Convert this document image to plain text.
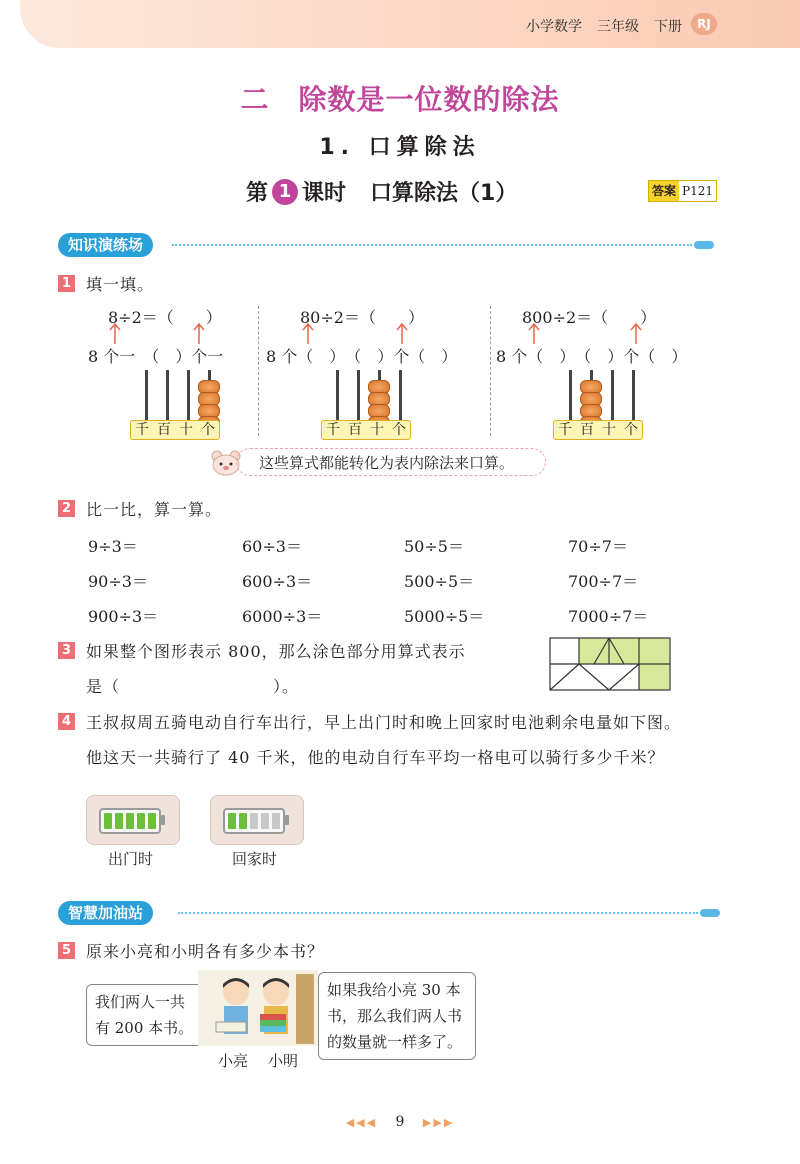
小学数学 三年级 下册	RJ
二　除数是一位数的除法
1. 口算除法
第 1 课时 口算除法（1）	答案 P121
知识演练场
1 填一填。
8÷2＝（　　）
8 个一　（　）个一
千 百 十 个
80÷2＝（　　）
8 个（　）　（　）个（　）
千 百 十 个
800÷2＝（　　）
8 个（　）　（　）个（　）
千 百 十 个
这些算式都能转化为表内除法来口算。
2 比一比，算一算。
9÷3＝	60÷3＝	50÷5＝	70÷7＝
90÷3＝	600÷3＝	500÷5＝	700÷7＝
900÷3＝	6000÷3＝	5000÷5＝	7000÷7＝
3 如果整个图形表示 800，那么涂色部分用算式表示
是（　　　　　　　　　）。
4 王叔叔周五骑电动自行车出行，早上出门时和晚上回家时电池剩余电量如下图。
他这天一共骑行了 40 千米，他的电动自行车平均一格电可以骑行多少千米？
出门时	回家时
智慧加油站
5 原来小亮和小明各有多少本书？
我们两人一共
有 200 本书。
小亮 小明
如果我给小亮 30 本
书，那么我们两人书
的数量就一样多了。
◀◀◀ 9 ▶▶▶
